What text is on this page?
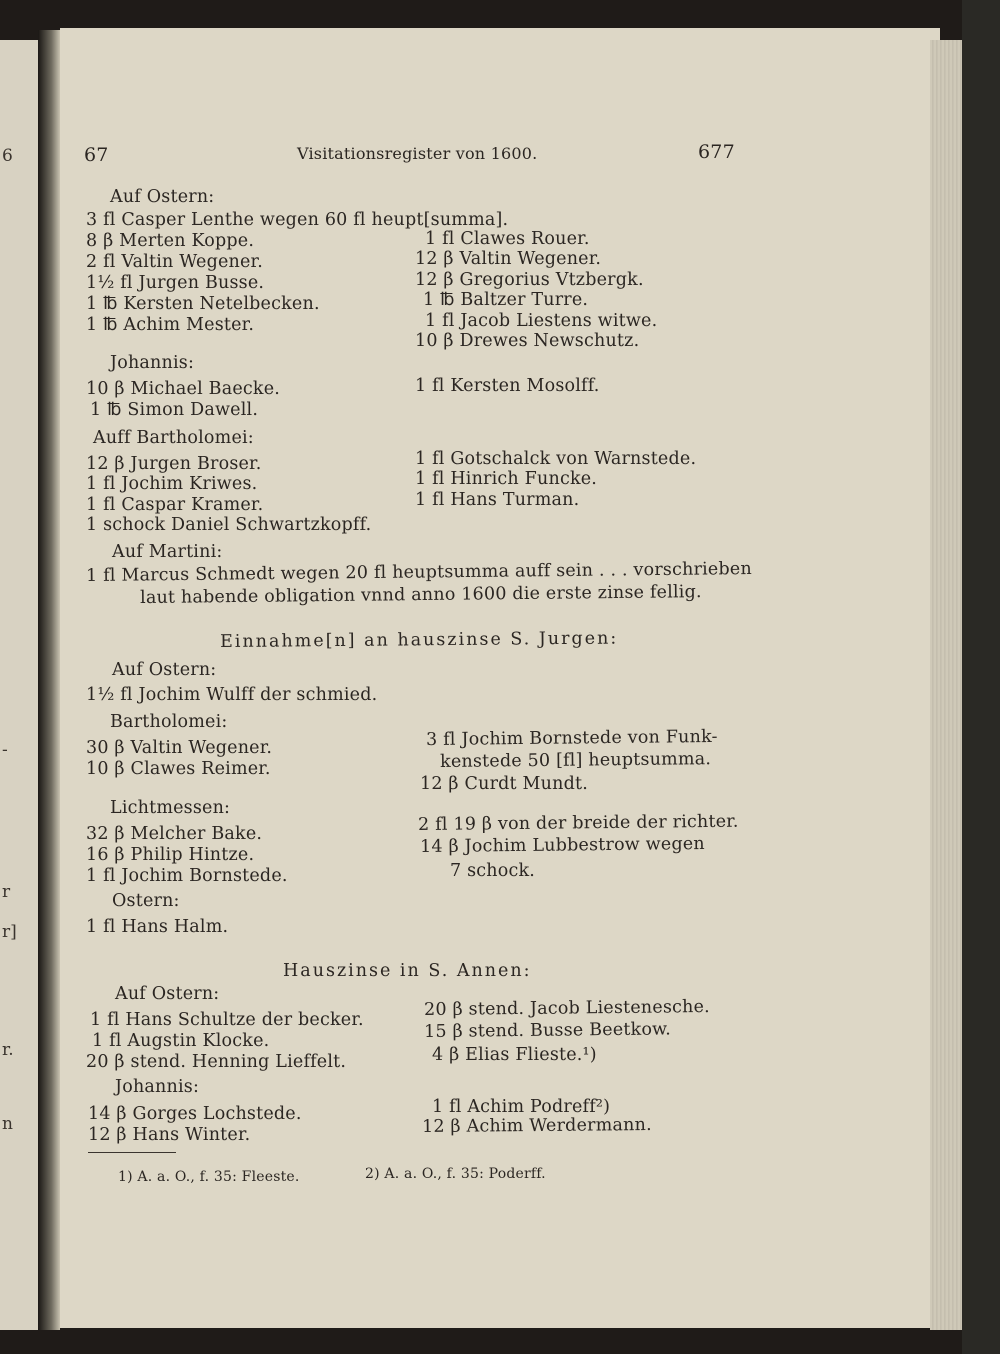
6
-
r
r]
r.
n
67	Visitationsregister von 1600.	677
Auf Ostern:
3 fl Casper Lenthe wegen 60 fl heupt[summa].
8 β Merten Koppe.
2 fl Valtin Wegener.
1½ fl Jurgen Busse.
1 ℔ Kersten Netelbecken.
1 ℔ Achim Mester.
1 fl Clawes Rouer.
12 β Valtin Wegener.
12 β Gregorius Vtzbergk.
1 ℔ Baltzer Turre.
1 fl Jacob Liestens witwe.
10 β Drewes Newschutz.
Johannis:
10 β Michael Baecke.
1 ℔ Simon Dawell.
1 fl Kersten Mosolff.
Auff Bartholomei:
12 β Jurgen Broser.
1 fl Jochim Kriwes.
1 fl Caspar Kramer.
1 schock Daniel Schwartzkopff.
1 fl Gotschalck von Warnstede.
1 fl Hinrich Funcke.
1 fl Hans Turman.
Auf Martini:
1 fl Marcus Schmedt wegen 20 fl heuptsumma auff sein . . . vorschrieben
laut habende obligation vnnd anno 1600 die erste zinse fellig.
Einnahme[n] an hauszinse S. Jurgen:
Auf Ostern:
1½ fl Jochim Wulff der schmied.
Bartholomei:
30 β Valtin Wegener.
10 β Clawes Reimer.
3 fl Jochim Bornstede von Funk-
kenstede 50 [fl] heuptsumma.
12 β Curdt Mundt.
Lichtmessen:
32 β Melcher Bake.
16 β Philip Hintze.
1 fl Jochim Bornstede.
2 fl 19 β von der breide der richter.
14 β Jochim Lubbestrow wegen
7 schock.
Ostern:
1 fl Hans Halm.
Hauszinse in S. Annen:
Auf Ostern:
1 fl Hans Schultze der becker.
1 fl Augstin Klocke.
20 β stend. Henning Lieffelt.
20 β stend. Jacob Liestenesche.
15 β stend. Busse Beetkow.
4 β Elias Flieste.¹)
Johannis:
14 β Gorges Lochstede.
12 β Hans Winter.
1 fl Achim Podreff²)
12 β Achim Werdermann.
1) A. a. O., f. 35: Fleeste.	2) A. a. O., f. 35: Poderff.
